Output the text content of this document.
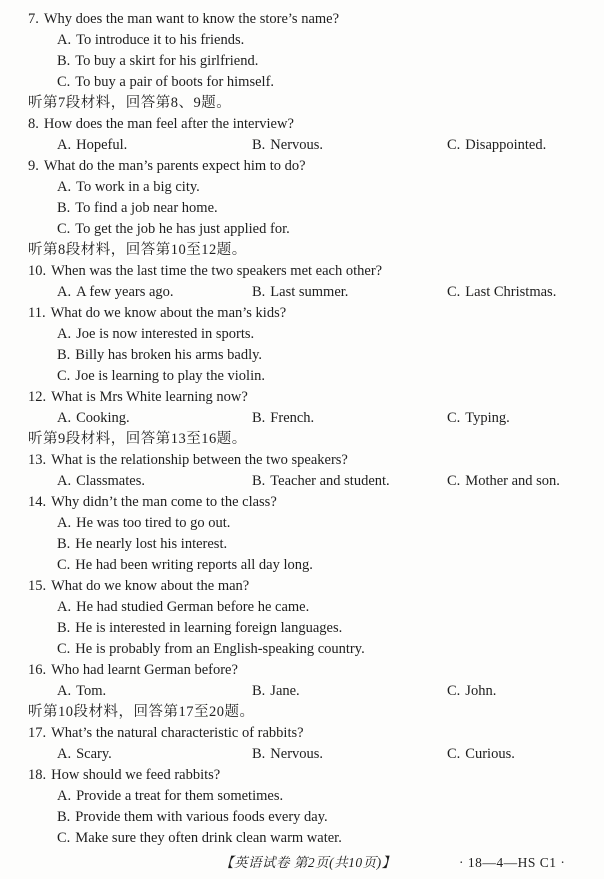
7. Why does the man want to know the store’s name?
A. To introduce it to his friends.
B. To buy a skirt for his girlfriend.
C. To buy a pair of boots for himself.
听第7段材料，回答第8、9题。
8. How does the man feel after the interview?
A. Hopeful.	B. Nervous.	C. Disappointed.
9. What do the man’s parents expect him to do?
A. To work in a big city.
B. To find a job near home.
C. To get the job he has just applied for.
听第8段材料，回答第10至12题。
10. When was the last time the two speakers met each other?
A. A few years ago.	B. Last summer.	C. Last Christmas.
11. What do we know about the man’s kids?
A. Joe is now interested in sports.
B. Billy has broken his arms badly.
C. Joe is learning to play the violin.
12. What is Mrs White learning now?
A. Cooking.	B. French.	C. Typing.
听第9段材料，回答第13至16题。
13. What is the relationship between the two speakers?
A. Classmates.	B. Teacher and student.	C. Mother and son.
14. Why didn’t the man come to the class?
A. He was too tired to go out.
B. He nearly lost his interest.
C. He had been writing reports all day long.
15. What do we know about the man?
A. He had studied German before he came.
B. He is interested in learning foreign languages.
C. He is probably from an English-speaking country.
16. Who had learnt German before?
A. Tom.	B. Jane.	C. John.
听第10段材料，回答第17至20题。
17. What’s the natural characteristic of rabbits?
A. Scary.	B. Nervous.	C. Curious.
18. How should we feed rabbits?
A. Provide a treat for them sometimes.
B. Provide them with various foods every day.
C. Make sure they often drink clean warm water.
【英语试卷 第2页(共10页)】	· 18—4—HS C1 ·
